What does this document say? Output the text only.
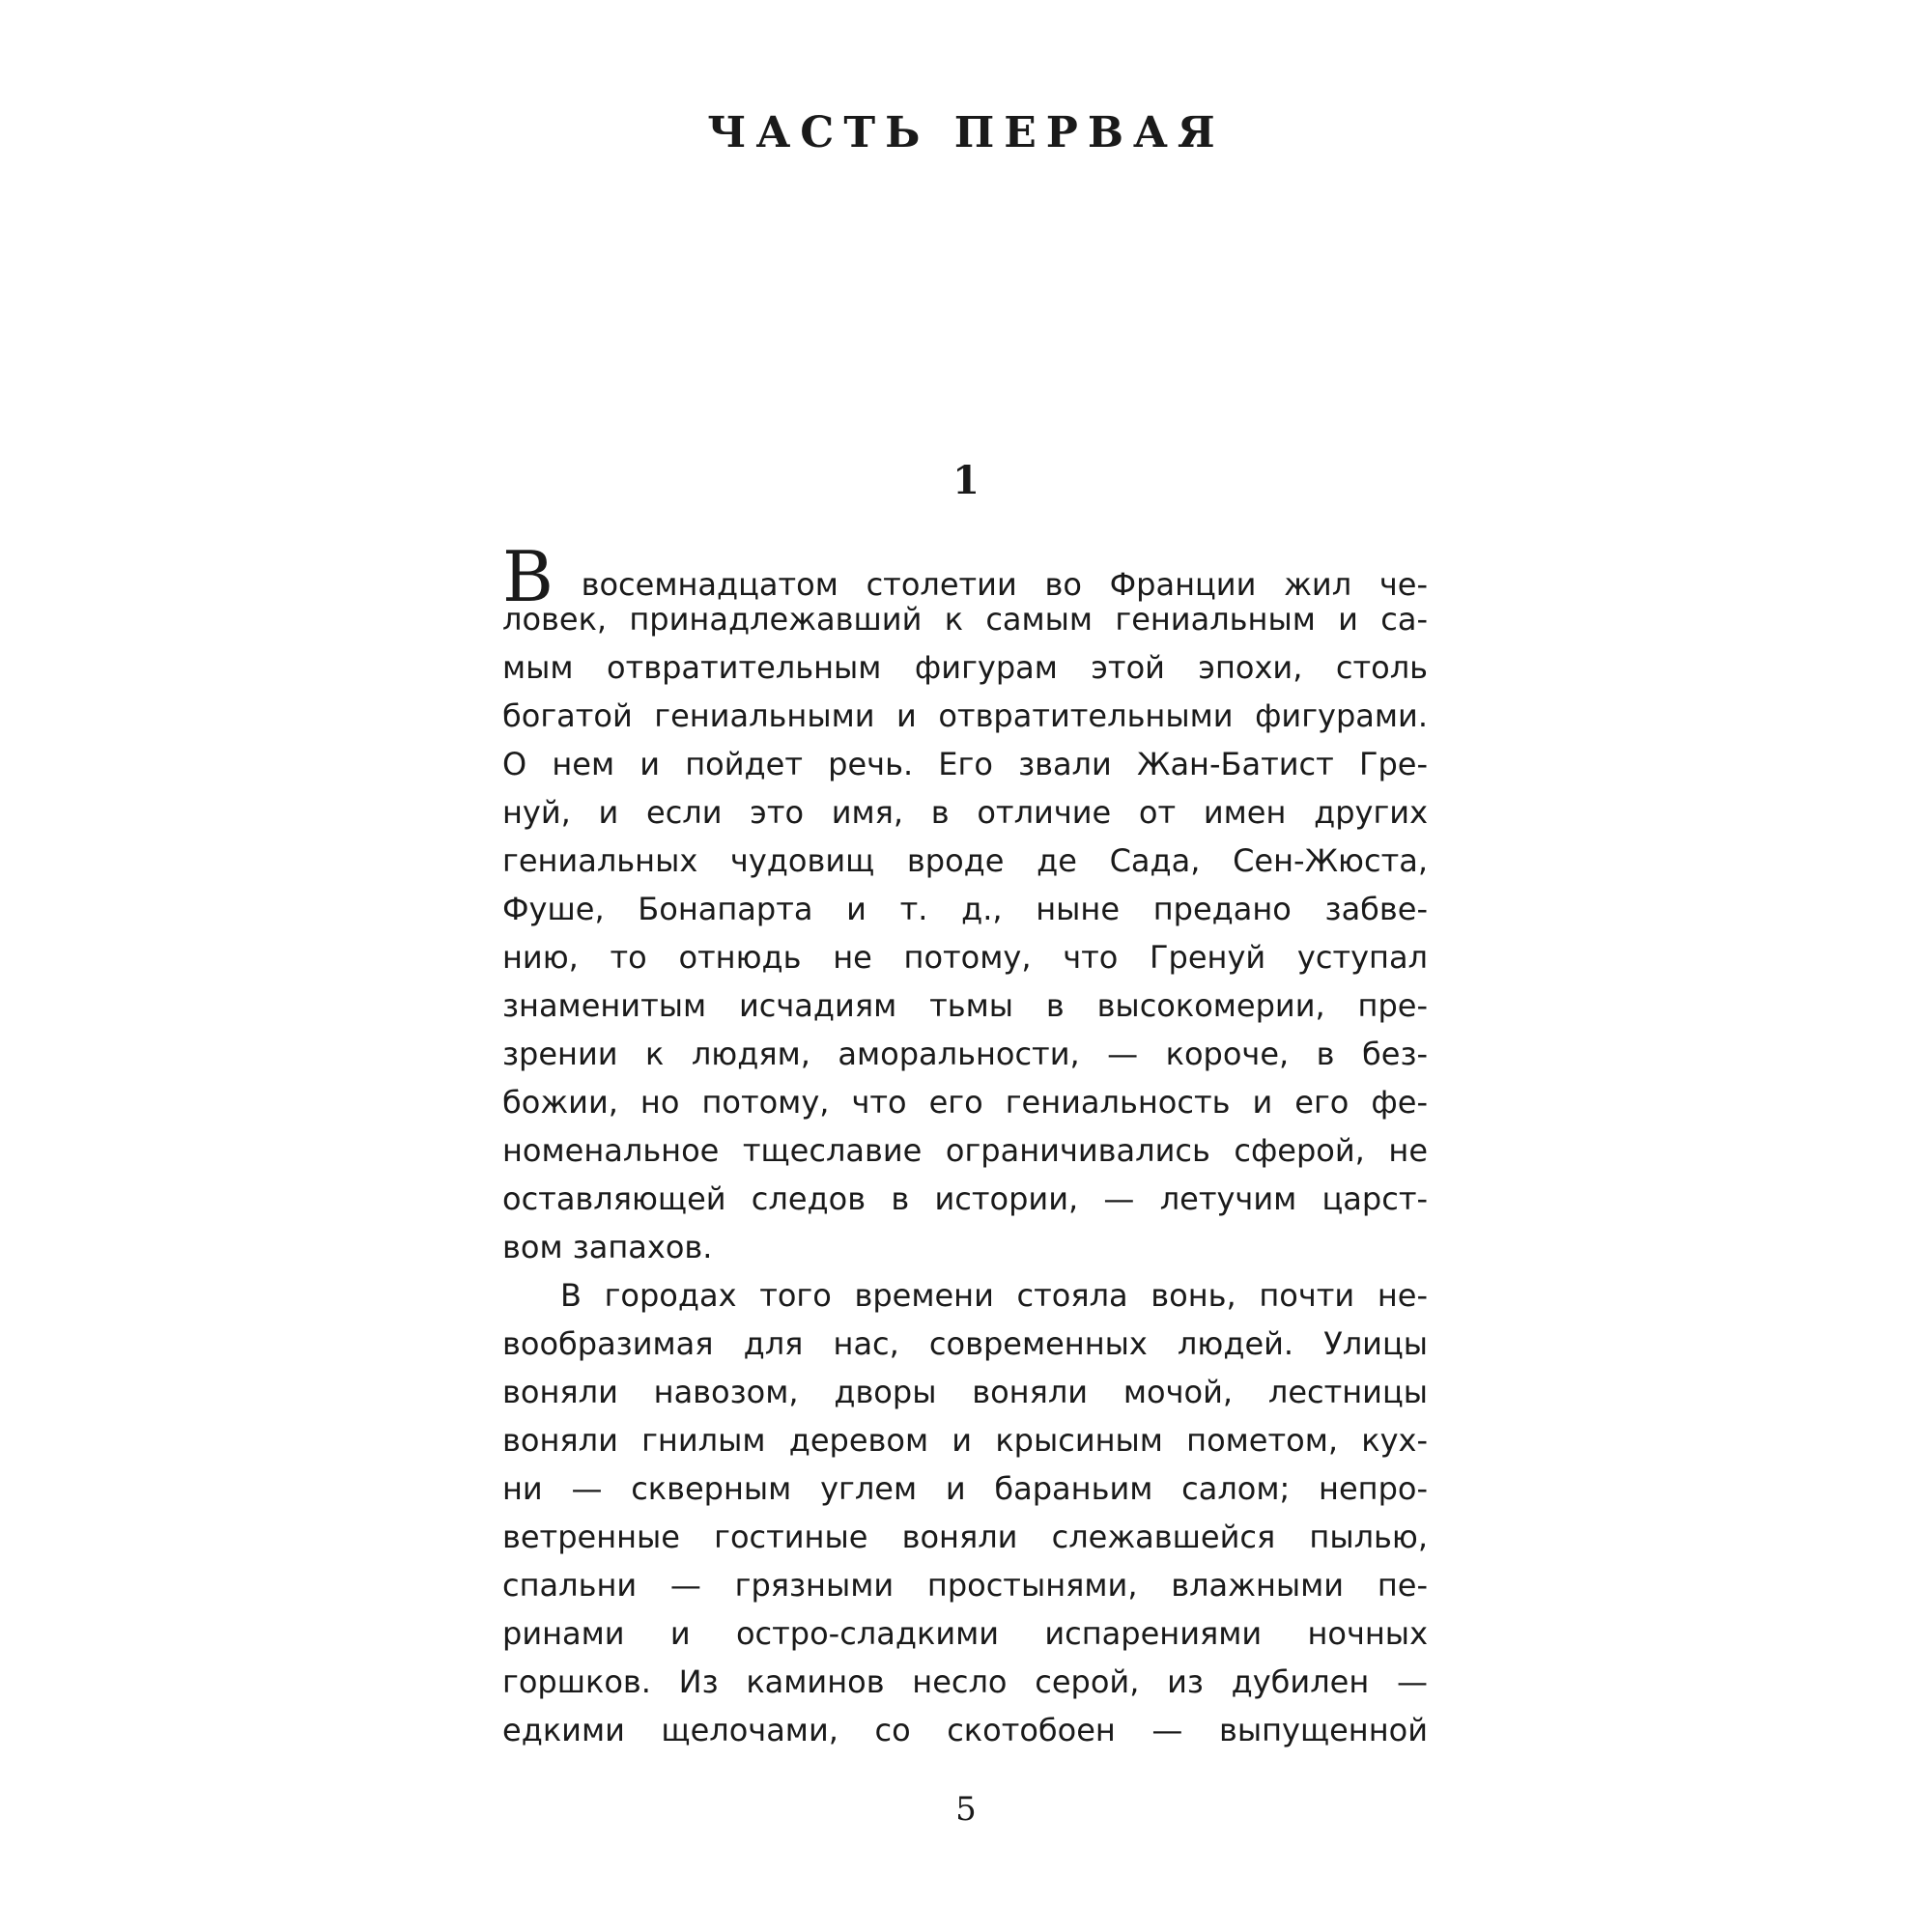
ЧАСТЬ ПЕРВАЯ
1
В восемнадцатом столетии во Франции жил че-
ловек, принадлежавший к самым гениальным и са-
мым отвратительным фигурам этой эпохи, столь
богатой гениальными и отвратительными фигурами.
О нем и пойдет речь. Его звали Жан-Батист Гре-
нуй, и если это имя, в отличие от имен других
гениальных чудовищ вроде де Сада, Сен-Жюста,
Фуше, Бонапарта и т. д., ныне предано забве-
нию, то отнюдь не потому, что Гренуй уступал
знаменитым исчадиям тьмы в высокомерии, пре-
зрении к людям, аморальности, — короче, в без-
божии, но потому, что его гениальность и его фе-
номенальное тщеславие ограничивались сферой, не
оставляющей следов в истории, — летучим царст-
вом запахов.
В городах того времени стояла вонь, почти не-
вообразимая для нас, современных людей. Улицы
воняли навозом, дворы воняли мочой, лестницы
воняли гнилым деревом и крысиным пометом, кух-
ни — скверным углем и бараньим салом; непро-
ветренные гостиные воняли слежавшейся пылью,
спальни — грязными простынями, влажными пе-
ринами и остро-сладкими испарениями ночных
горшков. Из каминов несло серой, из дубилен —
едкими щелочами, со скотобоен — выпущенной
5
